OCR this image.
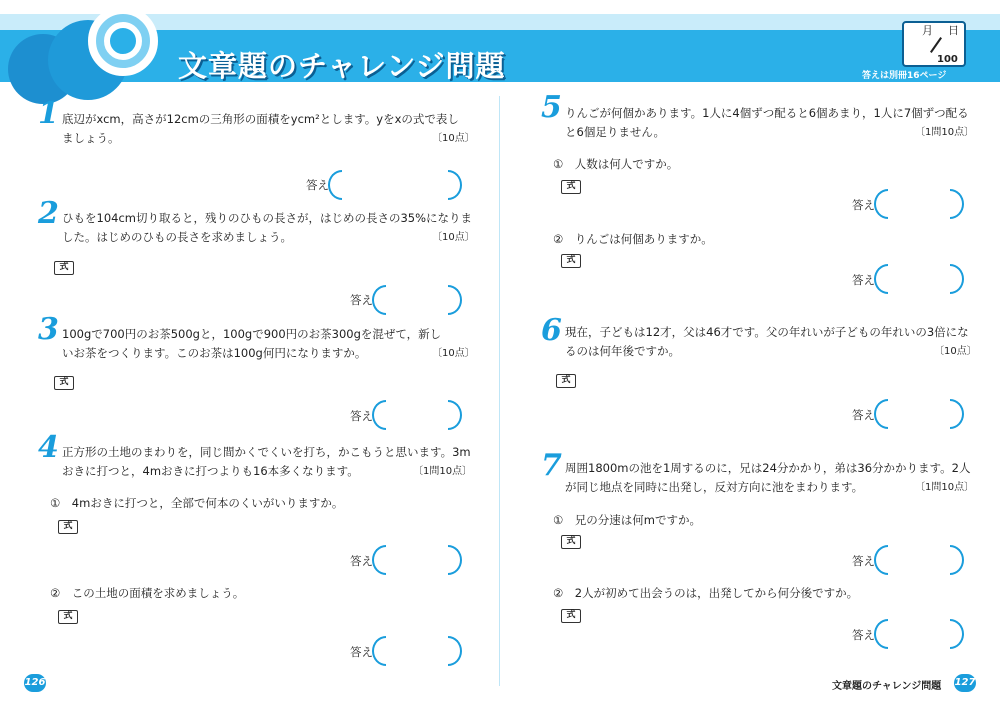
文章題のチャレンジ問題
月 日
100
答えは別冊16ページ
1 底辺がxcm，高さが12cmの三角形の面積をycm²とします。yをxの式で表し
ましょう。	〔10点〕
答え
2 ひもを104cm切り取ると，残りのひもの長さが，はじめの長さの35%になりま
した。はじめのひもの長さを求めましょう。	〔10点〕
式
答え
3 100gで700円のお茶500gと，100gで900円のお茶300gを混ぜて，新し
いお茶をつくります。このお茶は100g何円になりますか。	〔10点〕
式
答え
4 正方形の土地のまわりを，同じ間かくでくいを打ち，かこもうと思います。3m
おきに打つと，4mおきに打つよりも16本多くなります。	〔1問10点〕
①　4mおきに打つと，全部で何本のくいがいりますか。
式
答え
②　この土地の面積を求めましょう。
式
答え
5 りんごが何個かあります。1人に4個ずつ配ると6個あまり，1人に7個ずつ配る
と6個足りません。	〔1問10点〕
①　人数は何人ですか。
式
答え
②　りんごは何個ありますか。
式
答え
6 現在，子どもは12才，父は46才です。父の年れいが子どもの年れいの3倍にな
るのは何年後ですか。	〔10点〕
式
答え
7 周囲1800mの池を1周するのに，兄は24分かかり，弟は36分かかります。2人
が同じ地点を同時に出発し，反対方向に池をまわります。	〔1問10点〕
①　兄の分速は何mですか。
式
答え
②　2人が初めて出会うのは，出発してから何分後ですか。
式
答え
126	文章題のチャレンジ問題 127
